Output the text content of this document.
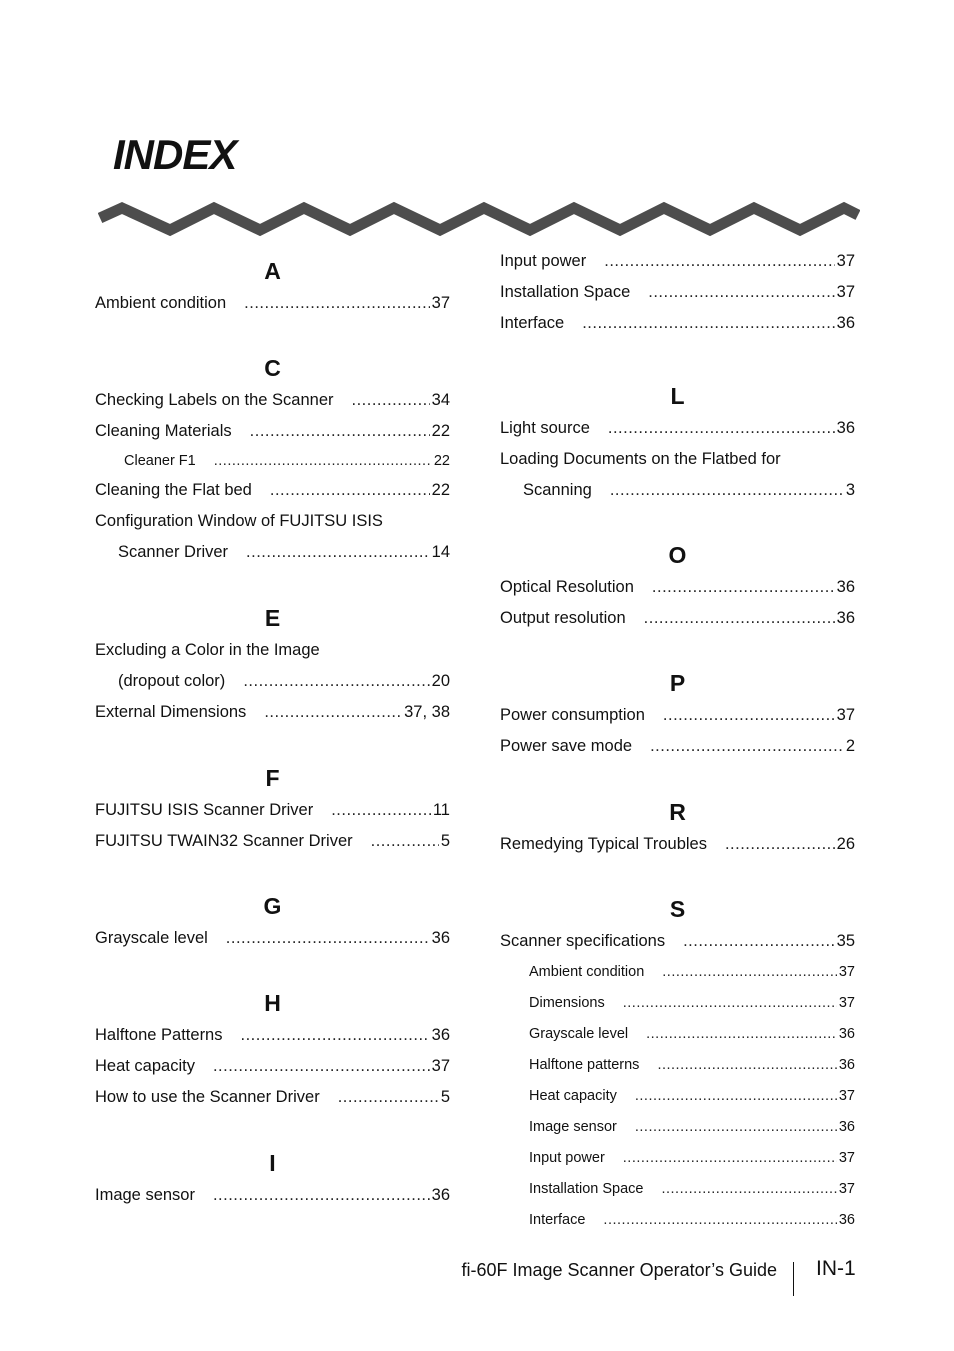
INDEX
A
Ambient condition .....	37
C
Checking Labels on the Scanner .....	34
Cleaning Materials .....	22
Cleaner F1 .....	22
Cleaning the Flat bed .....	22
Configuration Window of FUJITSU ISIS
Scanner Driver .....	14
E
Excluding a Color in the Image
(dropout color) .....	20
External Dimensions .....	37, 38
F
FUJITSU ISIS Scanner Driver .....	11
FUJITSU TWAIN32 Scanner Driver .....	5
G
Grayscale level .....	36
H
Halftone Patterns .....	36
Heat capacity .....	37
How to use the Scanner Driver .....	5
I
Image sensor .....	36
Input power .....	37
Installation Space .....	37
Interface .....	36
L
Light source .....	36
Loading Documents on the Flatbed for
Scanning .....	3
O
Optical Resolution .....	36
Output resolution .....	36
P
Power consumption .....	37
Power save mode .....	2
R
Remedying Typical Troubles .....	26
S
Scanner specifications .....	35
Ambient condition .....	37
Dimensions .....	37
Grayscale level .....	36
Halftone patterns .....	36
Heat capacity .....	37
Image sensor .....	36
Input power .....	37
Installation Space .....	37
Interface .....	36
fi-60F Image Scanner Operator’s Guide IN-1
